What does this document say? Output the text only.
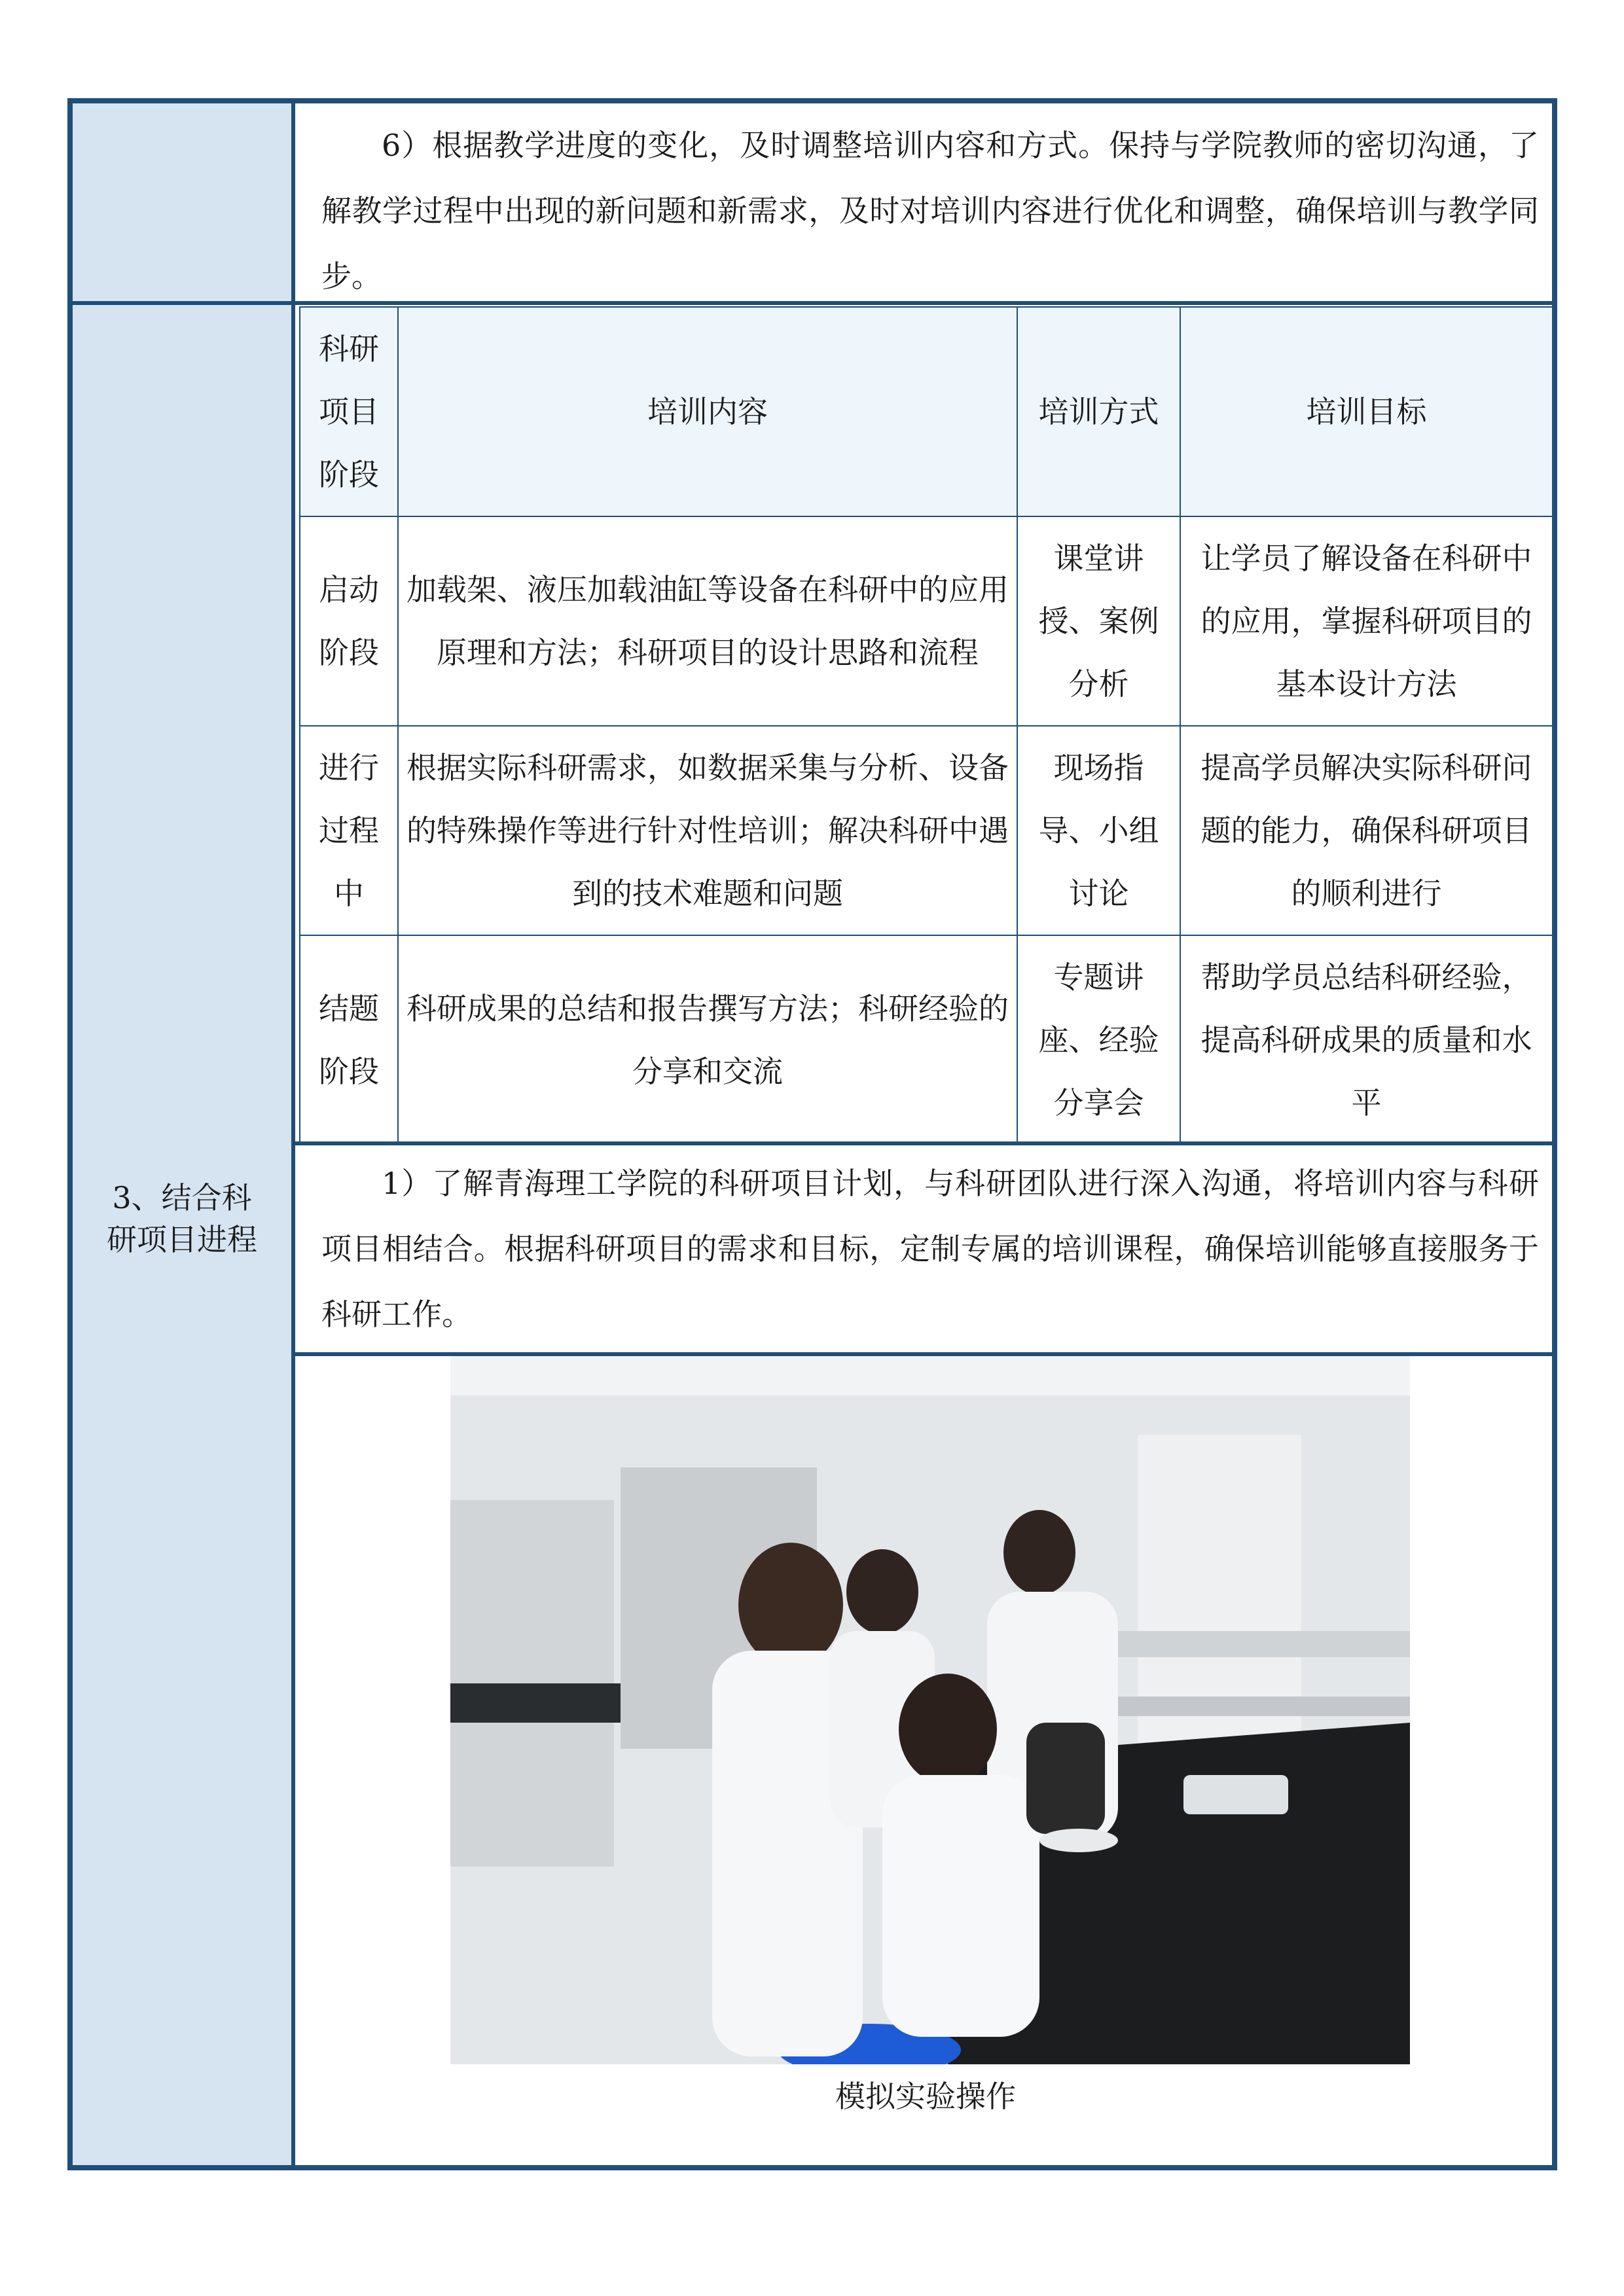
3、结合科
研项目进程

6）根据教学进度的变化，及时调整培训内容和方式。保持与学院教师的密切沟通，了解教学过程中出现的新问题和新需求，及时对培训内容进行优化和调整，确保培训与教学同步。

科研项目阶段	培训内容	培训方式	培训目标
启动阶段	加载架、液压加载油缸等设备在科研中的应用原理和方法；科研项目的设计思路和流程	课堂讲授、案例分析	让学员了解设备在科研中的应用，掌握科研项目的基本设计方法
进行过程中	根据实际科研需求，如数据采集与分析、设备的特殊操作等进行针对性培训；解决科研中遇到的技术难题和问题	现场指导、小组讨论	提高学员解决实际科研问题的能力，确保科研项目的顺利进行
结题阶段	科研成果的总结和报告撰写方法；科研经验的分享和交流	专题讲座、经验分享会	帮助学员总结科研经验，提高科研成果的质量和水平

1）了解青海理工学院的科研项目计划，与科研团队进行深入沟通，将培训内容与科研项目相结合。根据科研项目的需求和目标，定制专属的培训课程，确保培训能够直接服务于科研工作。

模拟实验操作
